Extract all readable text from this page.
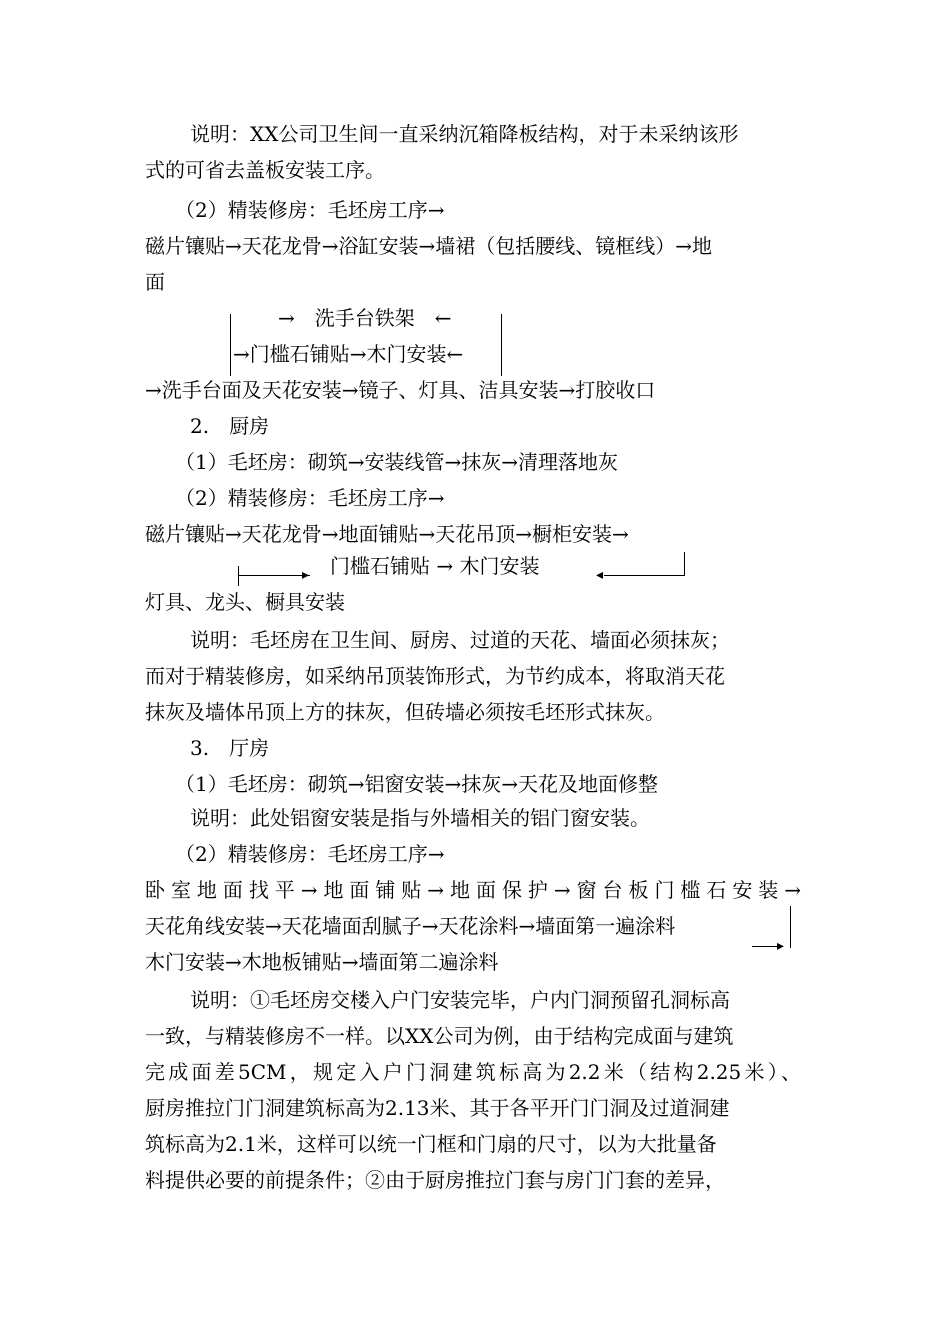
说明：XX公司卫生间一直采纳沉箱降板结构，对于未采纳该形
式的可省去盖板安装工序。
（2）精装修房：毛坯房工序→
磁片镶贴→天花龙骨→浴缸安装→墙裙（包括腰线、镜框线）→地
面
→　洗手台铁架　←
→门槛石铺贴→木门安装←
→洗手台面及天花安装→镜子、灯具、洁具安装→打胶收口
2.　厨房
（1）毛坯房：砌筑→安装线管→抹灰→清理落地灰
（2）精装修房：毛坯房工序→
磁片镶贴→天花龙骨→地面铺贴→天花吊顶→橱柜安装→
▸ 门槛石铺贴 → 木门安装	◂
灯具、龙头、橱具安装
说明：毛坯房在卫生间、厨房、过道的天花、墙面必须抹灰；
而对于精装修房，如采纳吊顶装饰形式，为节约成本，将取消天花
抹灰及墙体吊顶上方的抹灰，但砖墙必须按毛坯形式抹灰。
3.　厅房
（1）毛坯房：砌筑→铝窗安装→抹灰→天花及地面修整
说明：此处铝窗安装是指与外墙相关的铝门窗安装。
（2）精装修房：毛坯房工序→
卧室地面找平→地面铺贴→地面保护→窗台板门槛石安装→
天花角线安装→天花墙面刮腻子→天花涂料→墙面第一遍涂料
▸
木门安装→木地板铺贴→墙面第二遍涂料
说明：①毛坯房交楼入户门安装完毕，户内门洞预留孔洞标高
一致，与精装修房不一样。以XX公司为例，由于结构完成面与建筑
完成面差5CM，规定入户门洞建筑标高为2.2米（结构2.25米）、
厨房推拉门门洞建筑标高为2.13米、其于各平开门门洞及过道洞建
筑标高为2.1米，这样可以统一门框和门扇的尺寸，以为大批量备
料提供必要的前提条件；②由于厨房推拉门套与房门门套的差异，
